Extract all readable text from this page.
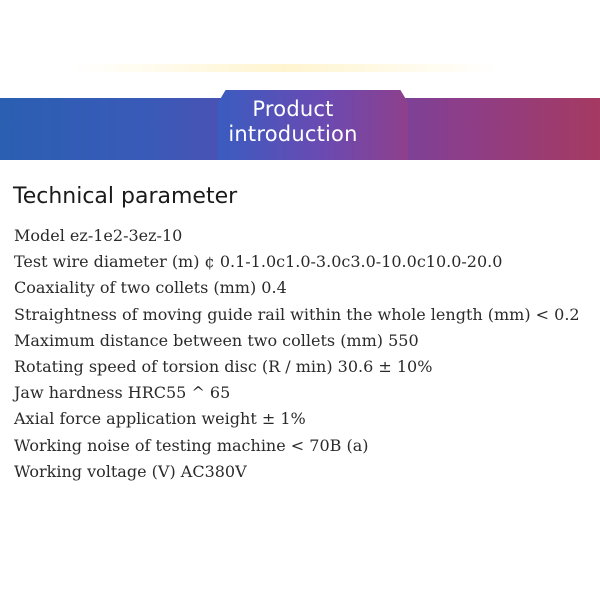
Product introduction
Technical parameter
Model ez-1e2-3ez-10
Test wire diameter (m) ¢ 0.1-1.0c1.0-3.0c3.0-10.0c10.0-20.0
Coaxiality of two collets (mm) 0.4
Straightness of moving guide rail within the whole length (mm) < 0.2
Maximum distance between two collets (mm) 550
Rotating speed of torsion disc (R / min) 30.6 ± 10%
Jaw hardness HRC55 ^ 65
Axial force application weight ± 1%
Working noise of testing machine < 70B (a)
Working voltage (V) AC380V
